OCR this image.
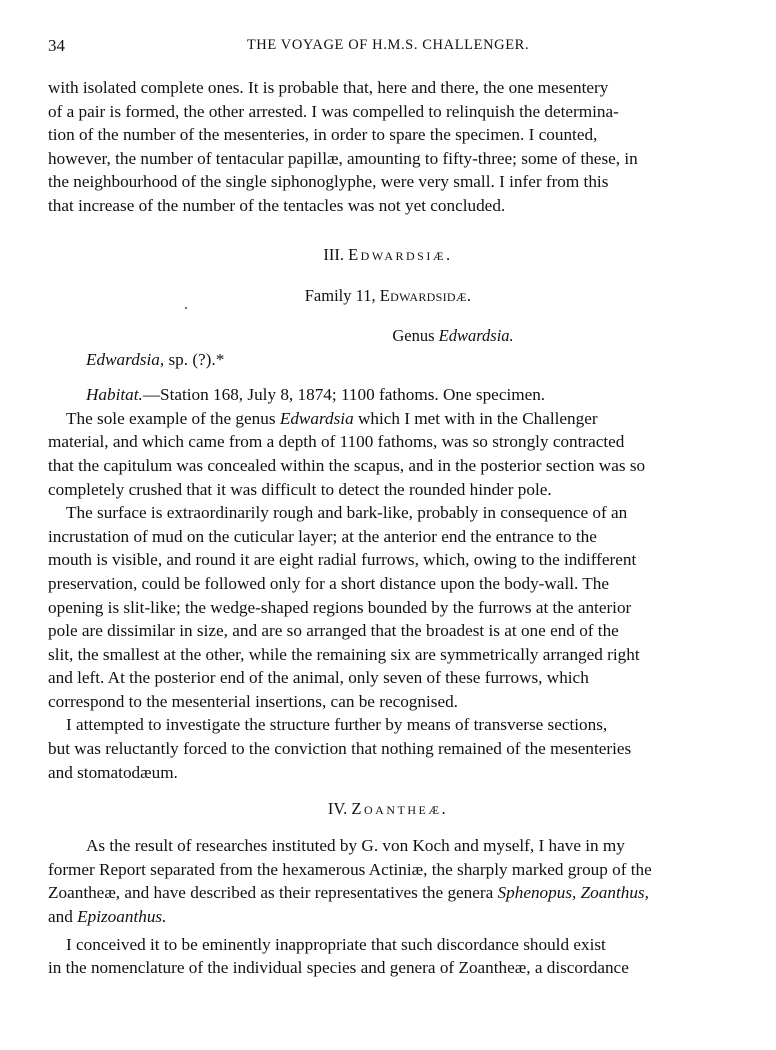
34	THE VOYAGE OF H.M.S. CHALLENGER.

with isolated complete ones. It is probable that, here and there, the one mesentery
of a pair is formed, the other arrested. I was compelled to relinquish the determina-
tion of the number of the mesenteries, in order to spare the specimen. I counted,
however, the number of tentacular papillæ, amounting to fifty-three; some of these, in
the neighbourhood of the single siphonoglyphe, were very small. I infer from this
that increase of the number of the tentacles was not yet concluded.

III. Edwardsiæ.
Family 11, Edwardsidæ.
Genus Edwardsia.

Edwardsia, sp. (?).*

Habitat.—Station 168, July 8, 1874; 1100 fathoms. One specimen.

The sole example of the genus Edwardsia which I met with in the Challenger
material, and which came from a depth of 1100 fathoms, was so strongly contracted
that the capitulum was concealed within the scapus, and in the posterior section was so
completely crushed that it was difficult to detect the rounded hinder pole.

The surface is extraordinarily rough and bark-like, probably in consequence of an
incrustation of mud on the cuticular layer; at the anterior end the entrance to the
mouth is visible, and round it are eight radial furrows, which, owing to the indifferent
preservation, could be followed only for a short distance upon the body-wall. The
opening is slit-like; the wedge-shaped regions bounded by the furrows at the anterior
pole are dissimilar in size, and are so arranged that the broadest is at one end of the
slit, the smallest at the other, while the remaining six are symmetrically arranged right
and left. At the posterior end of the animal, only seven of these furrows, which
correspond to the mesenterial insertions, can be recognised.

I attempted to investigate the structure further by means of transverse sections,
but was reluctantly forced to the conviction that nothing remained of the mesenteries
and stomatodæum.

IV. Zoantheæ.

As the result of researches instituted by G. von Koch and myself, I have in my
former Report separated from the hexamerous Actiniæ, the sharply marked group of the
Zoantheæ, and have described as their representatives the genera Sphenopus, Zoanthus,
and Epizoanthus.

I conceived it to be eminently inappropriate that such discordance should exist
in the nomenclature of the individual species and genera of Zoantheæ, a discordance
